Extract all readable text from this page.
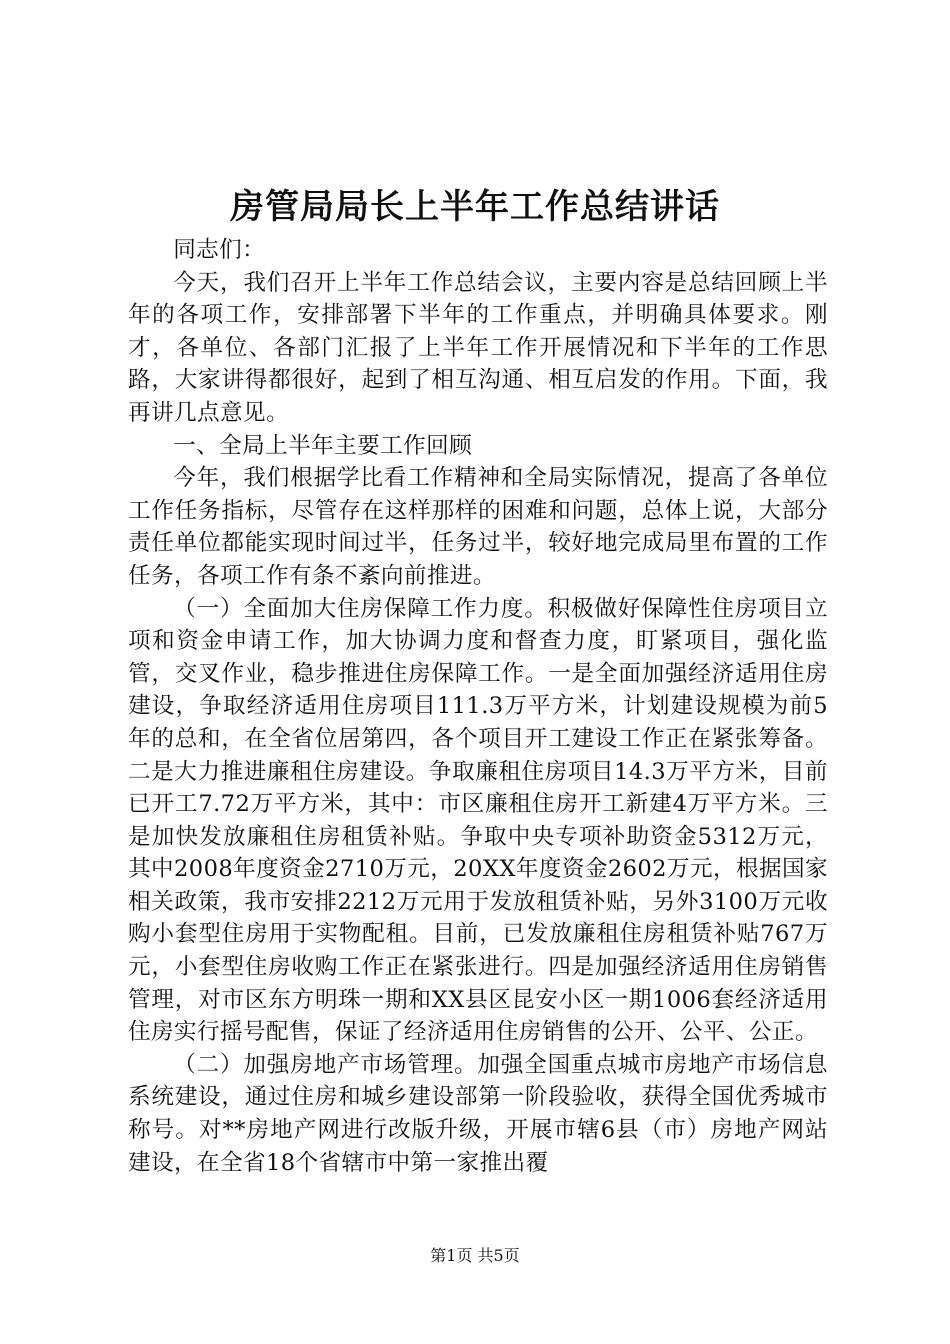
房管局局长上半年工作总结讲话

同志们：

今天，我们召开上半年工作总结会议，主要内容是总结回顾上半年的各项工作，安排部署下半年的工作重点，并明确具体要求。刚才，各单位、各部门汇报了上半年工作开展情况和下半年的工作思路，大家讲得都很好，起到了相互沟通、相互启发的作用。下面，我再讲几点意见。

一、全局上半年主要工作回顾

今年，我们根据学比看工作精神和全局实际情况，提高了各单位工作任务指标，尽管存在这样那样的困难和问题，总体上说，大部分责任单位都能实现时间过半，任务过半，较好地完成局里布置的工作任务，各项工作有条不紊向前推进。

（一）全面加大住房保障工作力度。积极做好保障性住房项目立项和资金申请工作，加大协调力度和督查力度，盯紧项目，强化监管，交叉作业，稳步推进住房保障工作。一是全面加强经济适用住房建设，争取经济适用住房项目111.3万平方米，计划建设规模为前5年的总和，在全省位居第四，各个项目开工建设工作正在紧张筹备。二是大力推进廉租住房建设。争取廉租住房项目14.3万平方米，目前已开工7.72万平方米，其中：市区廉租住房开工新建4万平方米。三是加快发放廉租住房租赁补贴。争取中央专项补助资金5312万元，其中2008年度资金2710万元，20XX年度资金2602万元，根据国家相关政策，我市安排2212万元用于发放租赁补贴，另外3100万元收购小套型住房用于实物配租。目前，已发放廉租住房租赁补贴767万元，小套型住房收购工作正在紧张进行。四是加强经济适用住房销售管理，对市区东方明珠一期和XX县区昆安小区一期1006套经济适用住房实行摇号配售，保证了经济适用住房销售的公开、公平、公正。

（二）加强房地产市场管理。加强全国重点城市房地产市场信息系统建设，通过住房和城乡建设部第一阶段验收，获得全国优秀城市称号。对**房地产网进行改版升级，开展市辖6县（市）房地产网站建设，在全省18个省辖市中第一家推出覆

第1页 共5页
